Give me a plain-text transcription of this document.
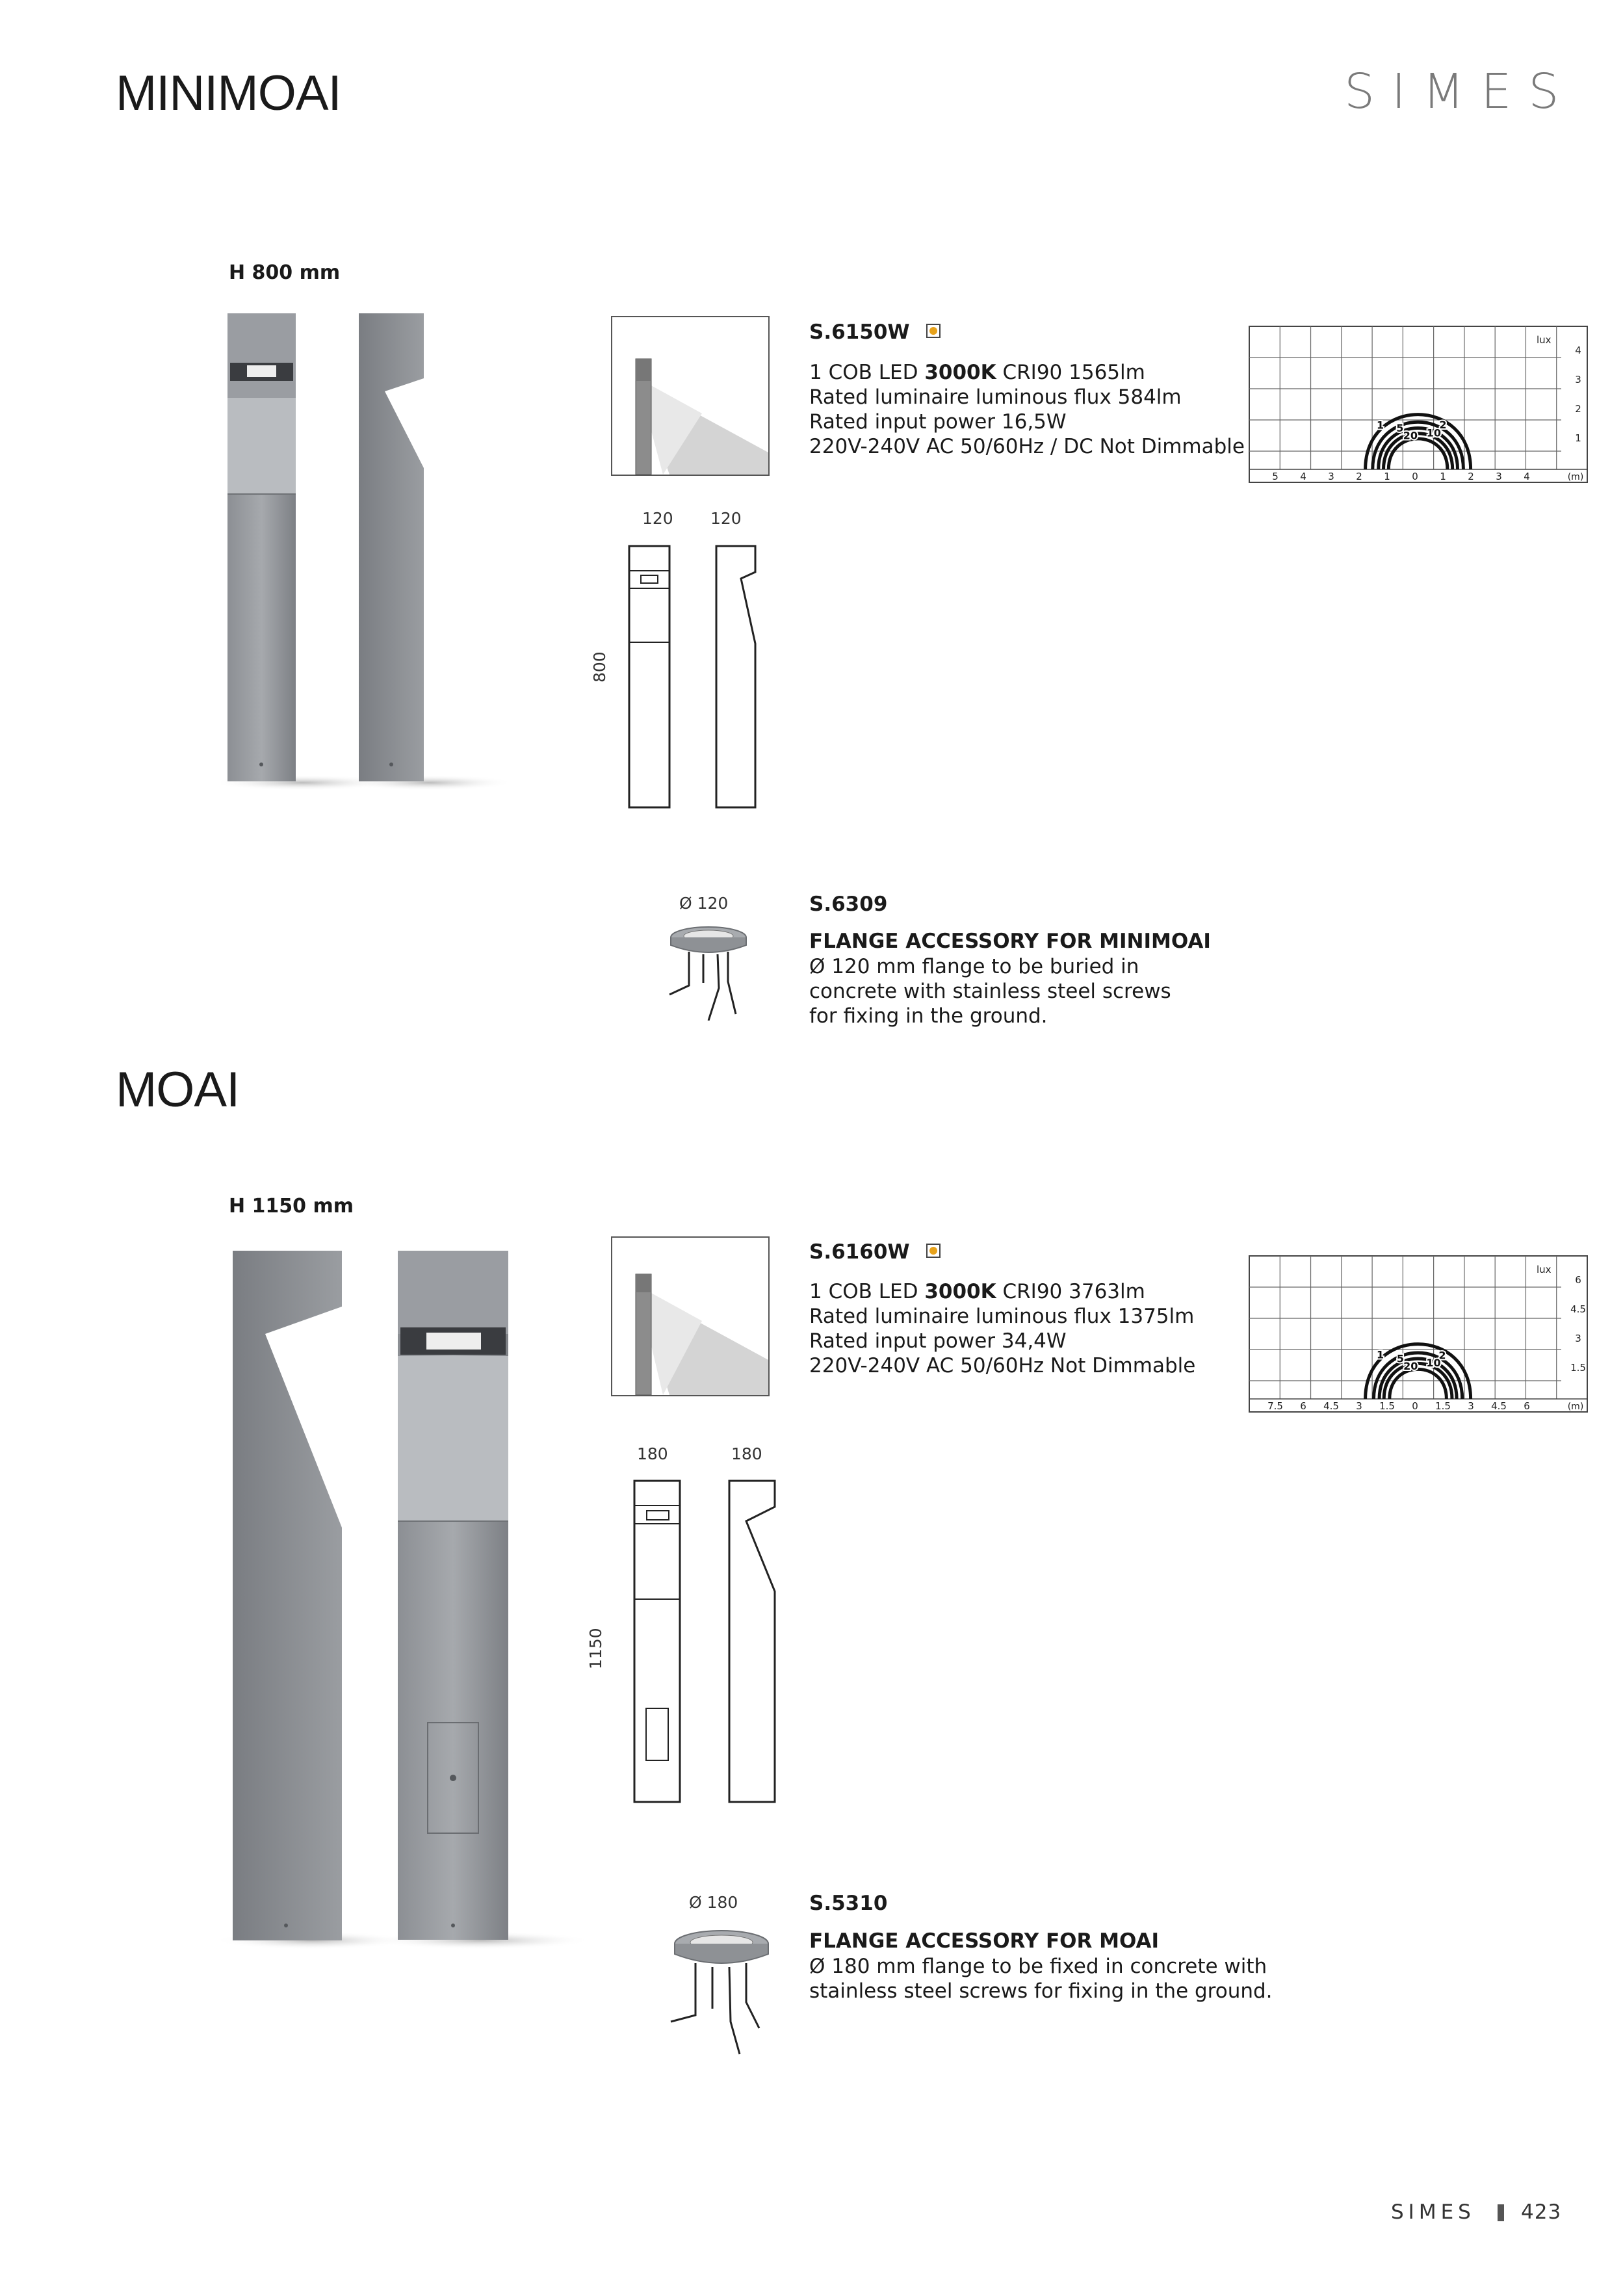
MINIMOAI	SIMES
H 800 mm
120 120
800
S.6150W

1 COB LED 3000K CRI90 1565lm

Rated luminaire luminous flux 584lm

Rated input power 16,5W

220V-240V AC 50/60Hz / DC Not Dimmable

5 4 3 2 1 0 1 2 3 4	(m)
lux
4
3
2
1
1	2
5 10
20
Ø 120	S.6309
FLANGE ACCESSORY FOR MINIMOAI

Ø 120 mm flange to be buried in

concrete with stainless steel screws

for fixing in the ground.

MOAI
H 1150 mm
180	180
1150
S.6160W

1 COB LED 3000K CRI90 3763lm

Rated luminaire luminous flux 1375lm

Rated input power 34,4W

220V-240V AC 50/60Hz Not Dimmable

7.5 6 4.5 3 1.5 0 1.5 3 4.5 6	(m)
lux
6
4.5
3
1.5
1	2
5 10
20
Ø 180	S.5310
FLANGE ACCESSORY FOR MOAI

Ø 180 mm flange to be fixed in concrete with

stainless steel screws for fixing in the ground.

SIMES 423
